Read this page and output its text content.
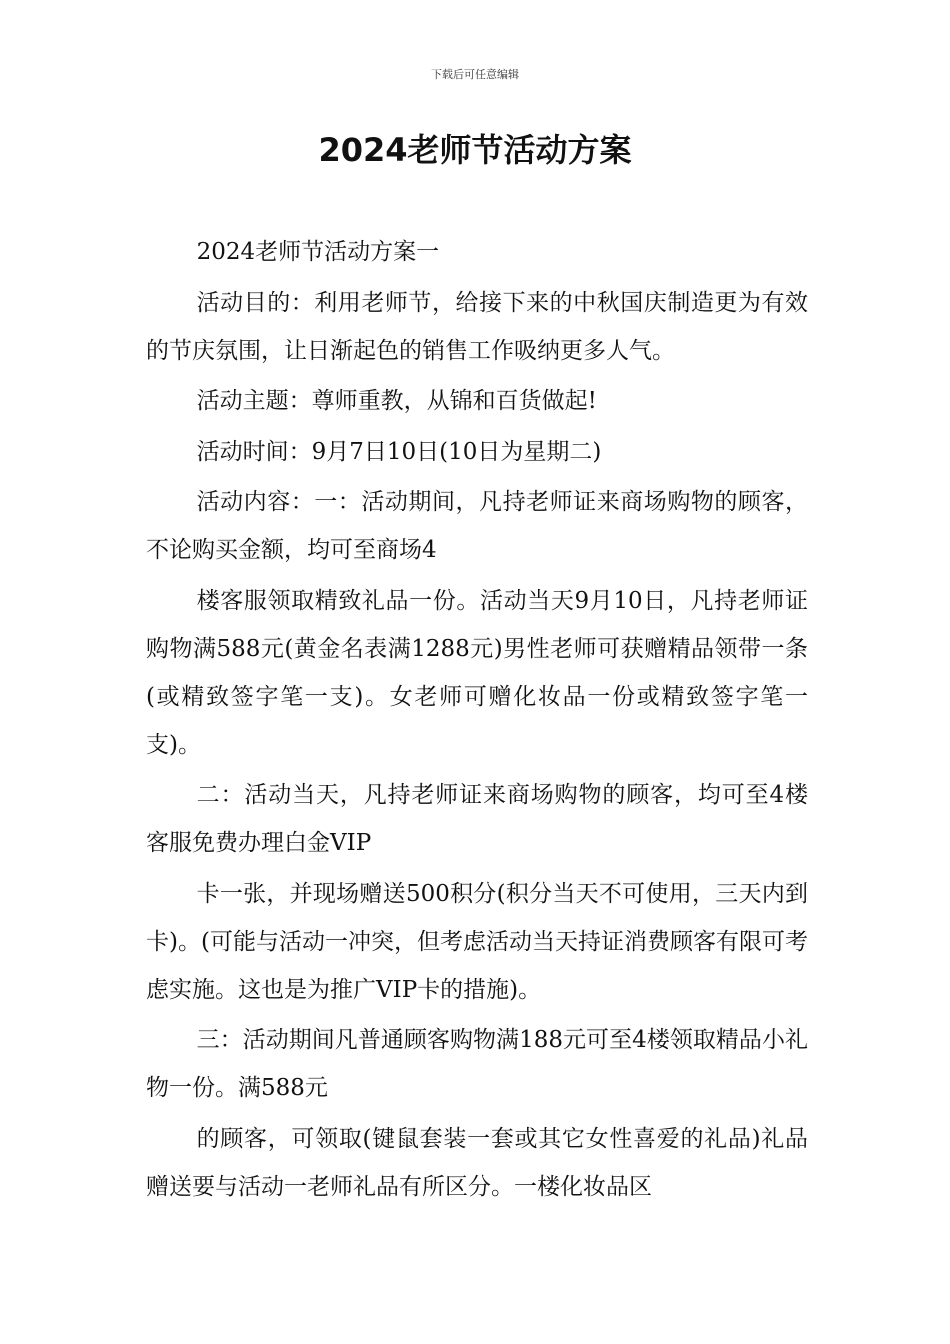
下载后可任意编辑
2024老师节活动方案

2024老师节活动方案一

活动目的：利用老师节，给接下来的中秋国庆制造更为有效的节庆氛围，让日渐起色的销售工作吸纳更多人气。

活动主题：尊师重教，从锦和百货做起!

活动时间：9月7日10日(10日为星期二)

活动内容：一：活动期间，凡持老师证来商场购物的顾客，不论购买金额，均可至商场4

楼客服领取精致礼品一份。活动当天9月10日，凡持老师证购物满588元(黄金名表满1288元)男性老师可获赠精品领带一条(或精致签字笔一支)。女老师可赠化妆品一份或精致签字笔一支)。

二：活动当天，凡持老师证来商场购物的顾客，均可至4楼客服免费办理白金VIP

卡一张，并现场赠送500积分(积分当天不可使用，三天内到卡)。(可能与活动一冲突，但考虑活动当天持证消费顾客有限可考虑实施。这也是为推广VIP卡的措施)。

三：活动期间凡普通顾客购物满188元可至4楼领取精品小礼物一份。满588元

的顾客，可领取(键鼠套装一套或其它女性喜爱的礼品)礼品赠送要与活动一老师礼品有所区分。一楼化妆品区
